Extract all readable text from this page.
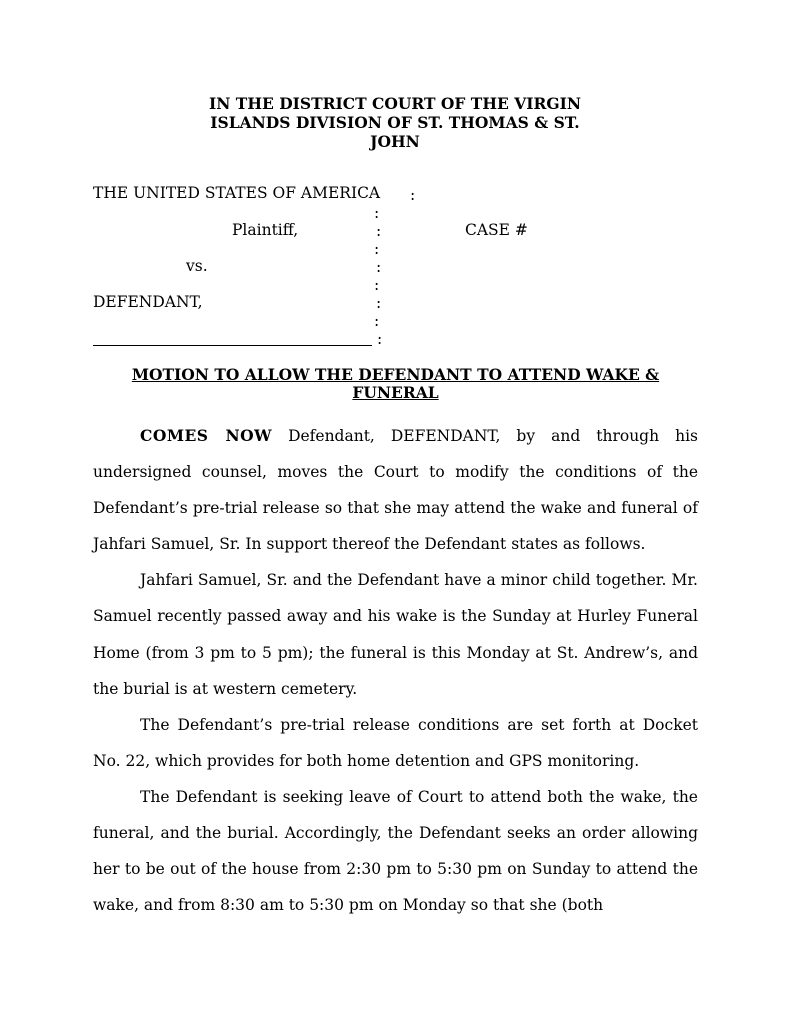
IN THE DISTRICT COURT OF THE VIRGIN
ISLANDS DIVISION OF ST. THOMAS & ST.
JOHN
THE UNITED STATES OF AMERICA :
:
Plaintiff,	:	CASE #
:
vs.	:
:
DEFENDANT,	:
:
:
MOTION TO ALLOW THE DEFENDANT TO ATTEND WAKE &
FUNERAL

COMES NOW Defendant, DEFENDANT, by and through his undersigned counsel, moves the Court to modify the conditions of the Defendant’s pre-trial release so that she may attend the wake and funeral of Jahfari Samuel, Sr. In support thereof the Defendant states as follows.

Jahfari Samuel, Sr. and the Defendant have a minor child together. Mr. Samuel recently passed away and his wake is the Sunday at Hurley Funeral Home (from 3 pm to 5 pm); the funeral is this Monday at St. Andrew’s, and the burial is at western cemetery.

The Defendant’s pre-trial release conditions are set forth at Docket No. 22, which provides for both home detention and GPS monitoring.

The Defendant is seeking leave of Court to attend both the wake, the funeral, and the burial. Accordingly, the Defendant seeks an order allowing her to be out of the house from 2:30 pm to 5:30 pm on Sunday to attend the wake, and from 8:30 am to 5:30 pm on Monday so that she (both
